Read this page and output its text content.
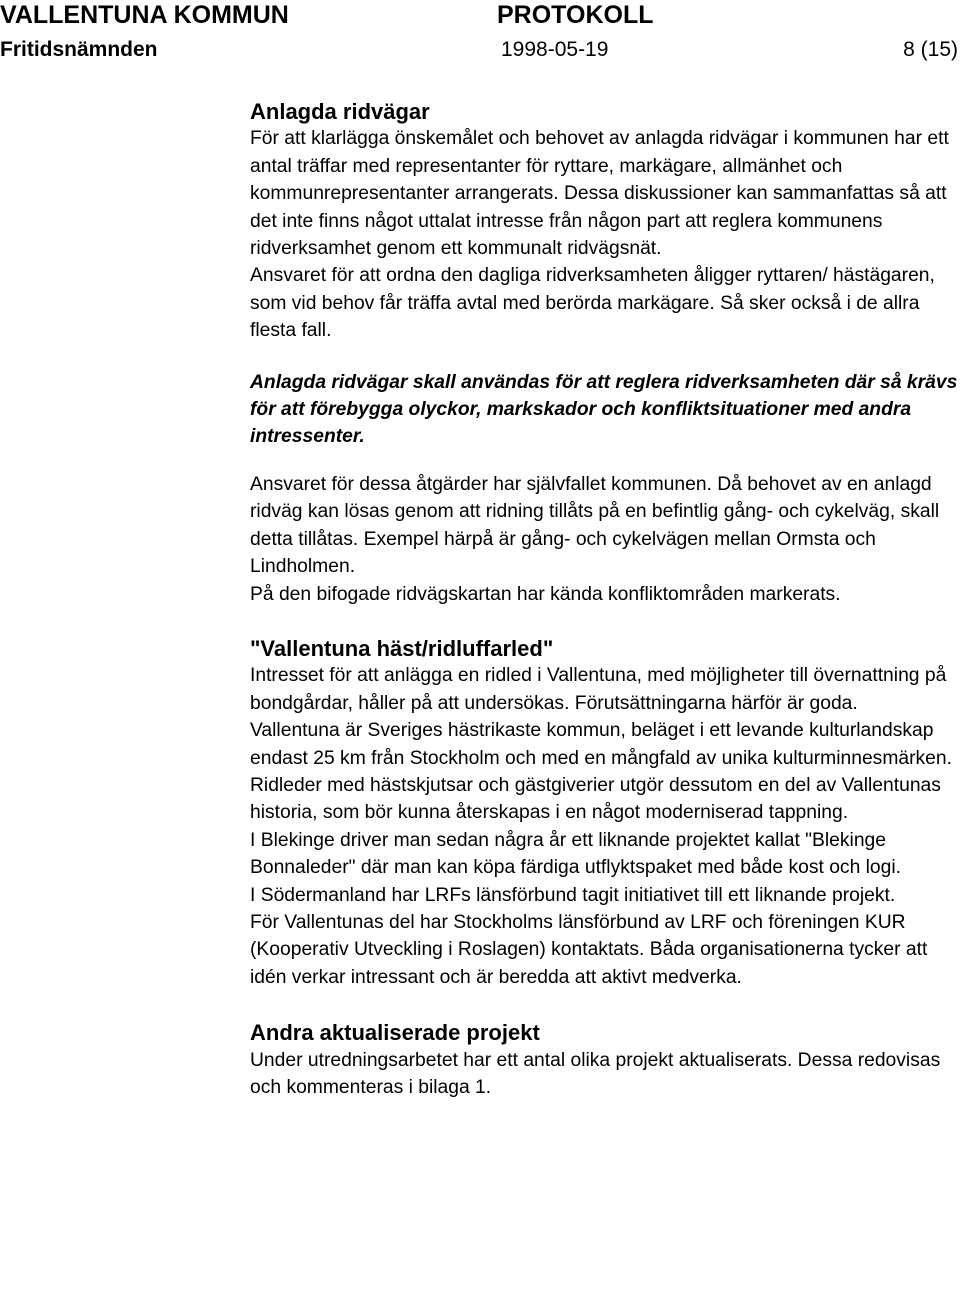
VALLENTUNA KOMMUN	PROTOKOLL
Fritidsnämnden	1998-05-19	8 (15)
Anlagda ridvägar

För att klarlägga önskemålet och behovet av anlagda ridvägar i kommunen har ett antal träffar med representanter för ryttare, markägare, allmänhet och kommunrepresentanter arrangerats. Dessa diskussioner kan sammanfattas så att det inte finns något uttalat intresse från någon part att reglera kommunens ridverksamhet genom ett kommunalt ridvägsnät.

Ansvaret för att ordna den dagliga ridverksamheten åligger ryttaren/ hästägaren, som vid behov får träffa avtal med berörda markägare. Så sker också i de allra flesta fall.

Anlagda ridvägar skall användas för att reglera ridverksamheten där så krävs för att förebygga olyckor, markskador och konfliktsituationer med andra intressenter.

Ansvaret för dessa åtgärder har självfallet kommunen. Då behovet av en anlagd ridväg kan lösas genom att ridning tillåts på en befintlig gång- och cykelväg, skall detta tillåtas. Exempel härpå är gång- och cykelvägen mellan Ormsta och Lindholmen.

På den bifogade ridvägskartan har kända konfliktområden markerats.

"Vallentuna häst/ridluffarled"

Intresset för att anlägga en ridled i Vallentuna, med möjligheter till övernattning på bondgårdar, håller på att undersökas. Förutsättningarna härför är goda.

Vallentuna är Sveriges hästrikaste kommun, beläget i ett levande kulturlandskap endast 25 km från Stockholm och med en mångfald av unika kulturminnesmärken.

Ridleder med hästskjutsar och gästgiverier utgör dessutom en del av Vallentunas historia, som bör kunna återskapas i en något moderniserad tappning.

I Blekinge driver man sedan några år ett liknande projektet kallat "Blekinge Bonnaleder" där man kan köpa färdiga utflyktspaket med både kost och logi.

I Södermanland har LRFs länsförbund tagit initiativet till ett liknande projekt.

För Vallentunas del har Stockholms länsförbund av LRF och föreningen KUR (Kooperativ Utveckling i Roslagen) kontaktats. Båda organisationerna tycker att idén verkar intressant och är beredda att aktivt medverka.

Andra aktualiserade projekt

Under utredningsarbetet har ett antal olika projekt aktualiserats. Dessa redovisas och kommenteras i bilaga 1.
